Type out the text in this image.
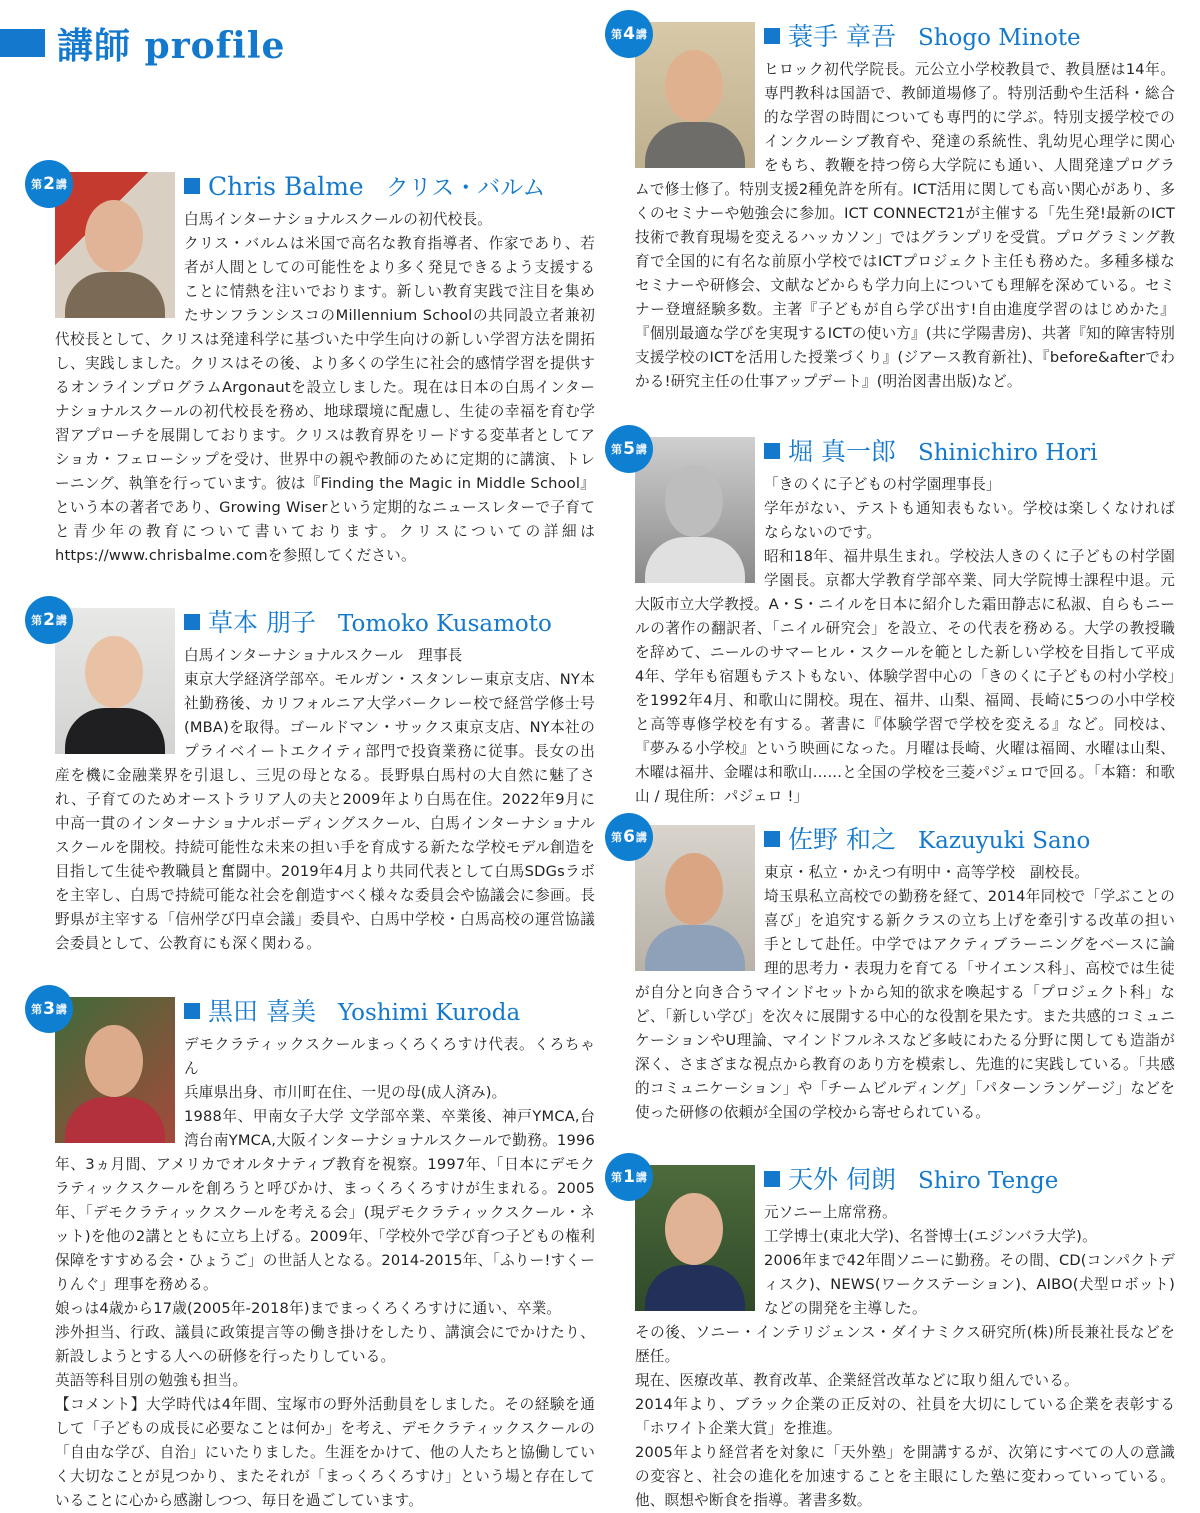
講師 profile
第 2 講	Chris Balme クリス・バルム

白馬インターナショナルスクールの初代校長。

クリス・バルムは米国で高名な教育指導者、作家であり、若者が人間としての可能性をより多く発見できるよう支援することに情熱を注いでおります。新しい教育実践で注目を集めたサンフランシスコのMillennium Schoolの共同設立者兼初代校長として、クリスは発達科学に基づいた中学生向けの新しい学習方法を開拓し、実践しました。クリスはその後、より多くの学生に社会的感情学習を提供するオンラインプログラムArgonautを設立しました。現在は日本の白馬インターナショナルスクールの初代校長を務め、地球環境に配慮し、生徒の幸福を育む学習アプローチを展開しております。クリスは教育界をリードする変革者としてアショカ・フェローシップを受け、世界中の親や教師のために定期的に講演、トレーニング、執筆を行っています。彼は『Finding the Magic in Middle School』という本の著者であり、Growing Wiserという定期的なニュースレターで子育てと青少年の教育について書いております。クリスについての詳細はhttps://www.chrisbalme.comを参照してください。

第 2 講	草本 朋子 Tomoko Kusamoto

白馬インターナショナルスクール　理事長

東京大学経済学部卒。モルガン・スタンレー東京支店、NY本社勤務後、カリフォルニア大学バークレー校で経営学修士号(MBA)を取得。ゴールドマン・サックス東京支店、NY本社のプライベイートエクイティ部門で投資業務に従事。長女の出産を機に金融業界を引退し、三児の母となる。長野県白馬村の大自然に魅了され、子育てのためオーストラリア人の夫と2009年より白馬在住。2022年9月に中高一貫のインターナショナルボーディングスクール、白馬インターナショナルスクールを開校。持続可能性な未来の担い手を育成する新たな学校モデル創造を目指して生徒や教職員と奮闘中。2019年4月より共同代表として白馬SDGsラボを主宰し、白馬で持続可能な社会を創造すべく様々な委員会や協議会に参画。長野県が主宰する「信州学び円卓会議」委員や、白馬中学校・白馬高校の運営協議会委員として、公教育にも深く関わる。

第 3 講	黒田 喜美 Yoshimi Kuroda

デモクラティックスクールまっくろくろすけ代表。くろちゃん

兵庫県出身、市川町在住、一児の母(成人済み)。

1988年、甲南女子大学 文学部卒業、卒業後、神戸YMCA,台湾台南YMCA,大阪インターナショナルスクールで勤務。1996年、3ヵ月間、アメリカでオルタナティブ教育を視察。1997年、「日本にデモクラティックスクールを創ろうと呼びかけ、まっくろくろすけが生まれる。2005年、「デモクラティックスクールを考える会」(現デモクラティックスクール・ネット)を他の2講とともに立ち上げる。2009年、「学校外で学び育つ子どもの権利保障をすすめる会・ひょうご」の世話人となる。2014-2015年、「ふりー!すくーりんぐ」理事を務める。

娘っは4歳から17歳(2005年-2018年)までまっくろくろすけに通い、卒業。

渉外担当、行政、議員に政策提言等の働き掛けをしたり、講演会にでかけたり、新設しようとする人への研修を行ったりしている。

英語等科目別の勉強も担当。

【コメント】大学時代は4年間、宝塚市の野外活動員をしました。その経験を通して「子どもの成長に必要なことは何か」を考え、デモクラティックスクールの「自由な学び、自治」にいたりました。生涯をかけて、他の人たちと協働していく大切なことが見つかり、またそれが「まっくろくろすけ」という場と存在していることに心から感謝しつつ、毎日を過ごしています。

第 4 講	蓑手 章吾 Shogo Minote

ヒロック初代学院長。元公立小学校教員で、教員歴は14年。専門教科は国語で、教師道場修了。特別活動や生活科・総合的な学習の時間についても専門的に学ぶ。特別支援学校でのインクルーシブ教育や、発達の系統性、乳幼児心理学に関心をもち、教鞭を持つ傍ら大学院にも通い、人間発達プログラムで修士修了。特別支援2種免許を所有。ICT活用に関しても高い関心があり、多くのセミナーや勉強会に参加。ICT CONNECT21が主催する「先生発!最新のICT技術で教育現場を変えるハッカソン」ではグランプリを受賞。プログラミング教育で全国的に有名な前原小学校ではICTプロジェクト主任も務めた。多種多様なセミナーや研修会、文献などからも学力向上についても理解を深めている。セミナー登壇経験多数。主著『子どもが自ら学び出す!自由進度学習のはじめかた』『個別最適な学びを実現するICTの使い方』(共に学陽書房)、共著『知的障害特別支援学校のICTを活用した授業づくり』(ジアース教育新社)、『before&afterでわかる!研究主任の仕事アップデート』(明治図書出版)など。

第 5 講	堀 真一郎 Shinichiro Hori

「きのくに子どもの村学園理事長」

学年がない、テストも通知表もない。学校は楽しくなければならないのです。

昭和18年、福井県生まれ。学校法人きのくに子どもの村学園学園長。京都大学教育学部卒業、同大学院博士課程中退。元大阪市立大学教授。A・S・ニイルを日本に紹介した霜田静志に私淑、自らもニールの著作の翻訳者、「ニイル研究会」を設立、その代表を務める。大学の教授職を辞めて、ニールのサマーヒル・スクールを範とした新しい学校を目指して平成4年、学年も宿題もテストもない、体験学習中心の「きのくに子どもの村小学校」を1992年4月、和歌山に開校。現在、福井、山梨、福岡、長崎に5つの小中学校と高等専修学校を有する。著書に『体験学習で学校を変える』など。同校は、『夢みる小学校』という映画になった。月曜は長崎、火曜は福岡、水曜は山梨、木曜は福井、金曜は和歌山……と全国の学校を三菱パジェロで回る。「本籍：和歌山 / 現住所：パジェロ !」

第 6 講	佐野 和之 Kazuyuki Sano

東京・私立・かえつ有明中・高等学校　副校長。

埼玉県私立高校での勤務を経て、2014年同校で「学ぶことの喜び」を追究する新クラスの立ち上げを牽引する改革の担い手として赴任。中学ではアクティブラーニングをベースに論理的思考力・表現力を育てる「サイエンス科」、高校では生徒が自分と向き合うマインドセットから知的欲求を喚起する「プロジェクト科」など、「新しい学び」を次々に展開する中心的な役割を果たす。また共感的コミュニケーションやU理論、マインドフルネスなど多岐にわたる分野に関しても造詣が深く、さまざまな視点から教育のあり方を模索し、先進的に実践している。「共感的コミュニケーション」や「チームビルディング」「パターンランゲージ」などを使った研修の依頼が全国の学校から寄せられている。

第 1 講	天外 伺朗 Shiro Tenge

元ソニー上席常務。

工学博士(東北大学)、名誉博士(エジンバラ大学)。

2006年まで42年間ソニーに勤務。その間、CD(コンパクトディスク)、NEWS(ワークステーション)、AIBO(犬型ロボット)などの開発を主導した。

その後、ソニー・インテリジェンス・ダイナミクス研究所(株)所長兼社長などを歴任。

現在、医療改革、教育改革、企業経営改革などに取り組んでいる。

2014年より、ブラック企業の正反対の、社員を大切にしている企業を表彰する「ホワイト企業大賞」を推進。

2005年より経営者を対象に「天外塾」を開講するが、次第にすべての人の意識の変容と、社会の進化を加速することを主眼にした塾に変わっていっている。他、瞑想や断食を指導。著書多数。
